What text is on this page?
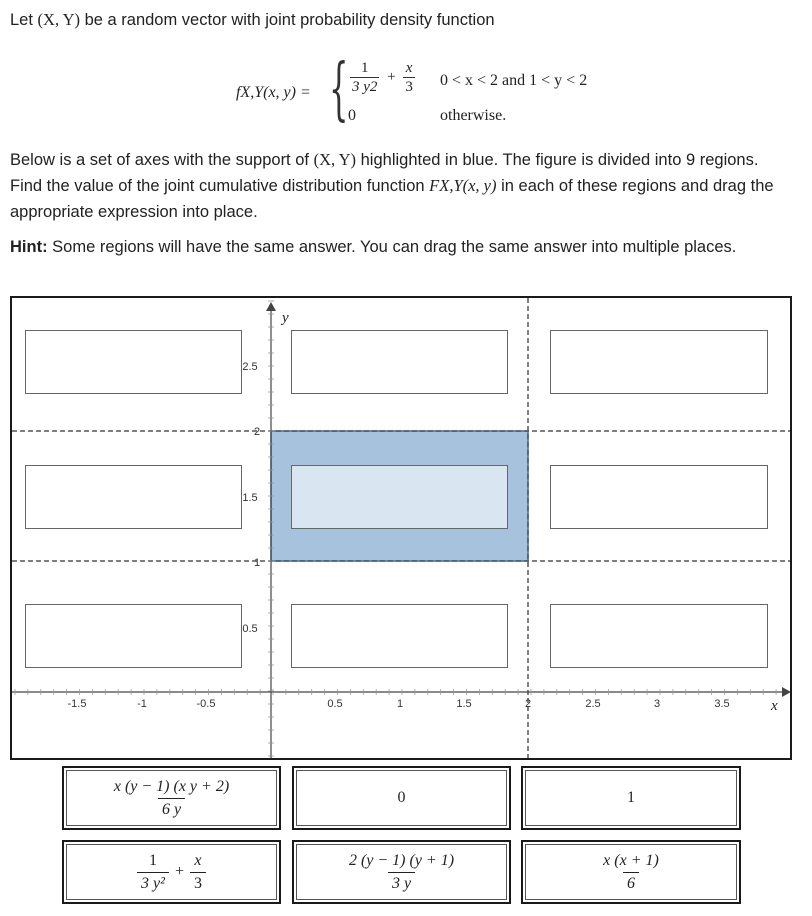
Let (X, Y) be a random vector with joint probability density function

fX,Y(x, y) = { $\frac{1}{3 y2} + \frac{x}{3} 0 < x < 2$ and 1 < y < 2
0	otherwise.

Below is a set of axes with the support of (X, Y) highlighted in blue. The figure is divided into 9 regions. Find the value of the joint cumulative distribution function FX,Y(x, y) in each of these regions and drag the appropriate expression into place.

Hint: Some regions will have the same answer. You can drag the same answer into multiple places.

-1.5	-1	-0.5	0.5	1	1.5	2	2.5	3	3.5
2.5
2
1.5
1
0.5
x
y
$\frac{\text{x (y − 1) (x y + 2)}}{6 y}$	0	1
$\frac{1}{\text{3 y²}} + \frac{x}{3}$	$\frac{2 (y - 1) (y + 1)}{3 y}$	$\frac{x (x + 1)}{6}$
